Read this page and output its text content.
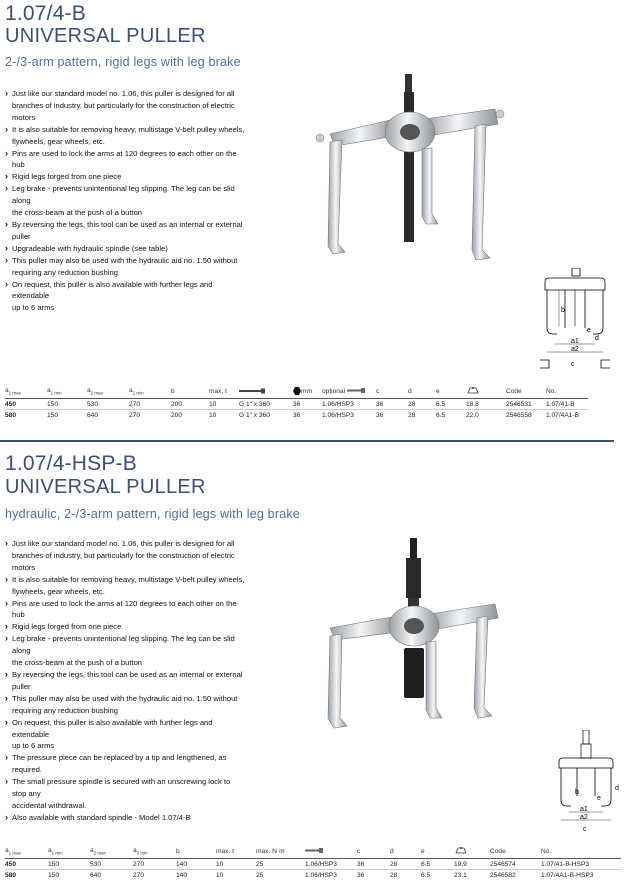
1.07/4-B
UNIVERSAL PULLER
2-/3-arm pattern, rigid legs with leg brake
› Just like our standard model no. 1.06, this puller is designed for all
branches of industry, but particularly for the construction of electric motors
› It is also suitable for removing heavy, multistage V-belt pulley wheels,
flywheels, gear wheels, etc.
› Pins are used to lock the arms at 120 degrees to each other on the hub
› Rigid legs forged from one piece
› Leg brake - prevents unintentional leg slipping. The leg can be slid along
the cross-beam at the push of a button
› By reversing the legs, this tool can be used as an internal or external puller
› Upgradeable with hydraulic spindle (see table)
› This puller may also be used with the hydraulic aid no. 1.50 without
requiring any reduction bushing
› On request, this puller is also available with further legs and extendable
up to 6 arms	b
e
d
a1
a2
c
$a_{1 max}$	$a_{1 min}$	$a_{2 max}$	$a_{2 min}$	b	max. t		mm	optional	c	d	e		Code	No.
450	150	530	270	200	10	G 1" x 360	36	1.06/HSP3	36	28	6.5	18.8	2546531	1.07/41-B
580	150	640	270	200	10	G 1" x 360	36	1.06/HSP3	36	28	6.5	22.0	2546558	1.07/4A1-B
1.07/4-HSP-B
UNIVERSAL PULLER
hydraulic, 2-/3-arm pattern, rigid legs with leg brake
› Just like our standard model no. 1.06, this puller is designed for all
branches of industry, but particularly for the construction of electric motors
› It is also suitable for removing heavy, multistage V-belt pulley wheels,
flywheels, gear wheels, etc.
› Pins are used to lock the arms at 120 degrees to each other on the hub
› Rigid legs forged from one piece
› Leg brake - prevents unintentional leg slipping. The leg can be slid along
the cross-beam at the push of a button
› By reversing the legs, this tool can be used as an internal or external puller
› This puller may also be used with the hydraulic aid no. 1.50 without
requiring any reduction bushing
› On request, this puller is also available with further legs and extendable
up to 6 arms
› The pressure piece can be replaced by a tip and lengthened, as required.
› The small pressure spindle is secured with an unscrewing lock to stop any
accidental withdrawal.
› Also available with standard spindle - Model 1.07/4-B
b
e
d
a1
a2
c
$a_{1 max}$	$a_{1 min}$	$a_{2 max}$	$a_{2 min}$	b	max. t	max. N·m		c	d	e		Code	No.
450	150	530	270	140	10	25	1.06/HSP3	36	28	6.5	19.9	2546574	1.07/41-B-HSP3
580	150	640	270	140	10	25	1.06/HSP3	36	28	6.5	23.1	2546582	1.07/4A1-B-HSP3
